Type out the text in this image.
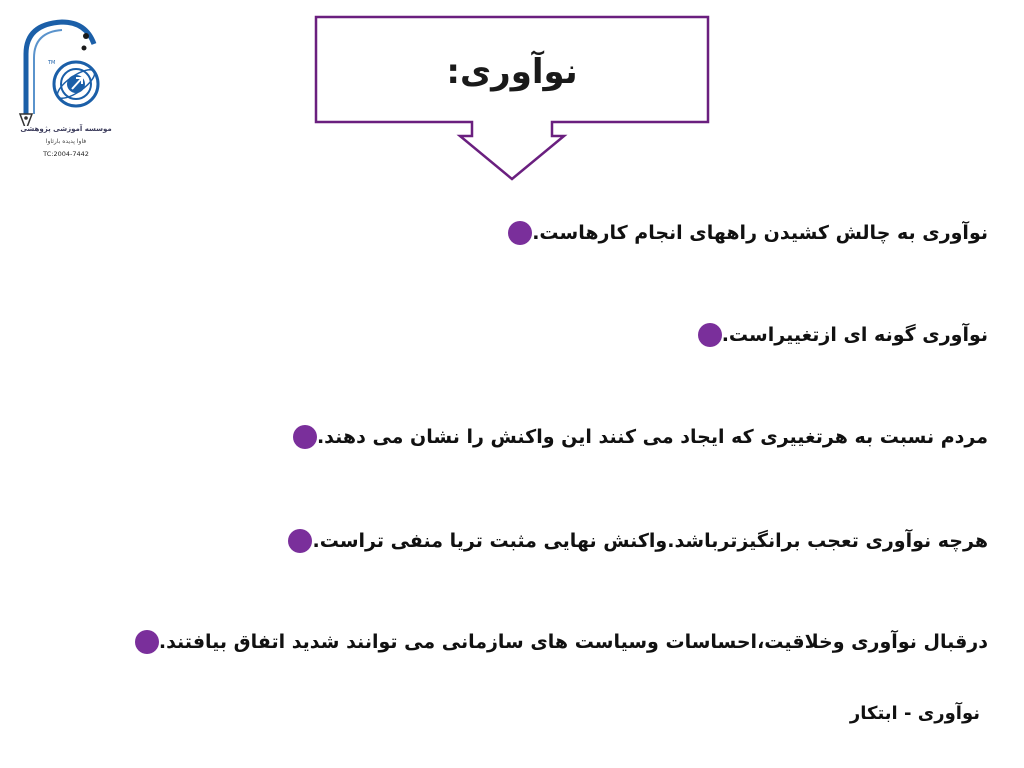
TM
موسسه آموزشی پژوهشی
فاوا پدیده بارثاوا
TC:2004-7442
نوآوری:
نوآوری به چالش کشیدن راههای انجام کارهاست.
نوآوری گونه ای ازتغییراست.
مردم نسبت به هرتغییری که ایجاد می کنند این واکنش را نشان می دهند.
هرچه نوآوری تعجب برانگیزترباشد.واکنش نهایی مثبت تریا منفی تراست.
درقبال نوآوری وخلاقیت،احساسات وسیاست های سازمانی می توانند شدید اتفاق بیافتند.
نوآوری - ابتکار
